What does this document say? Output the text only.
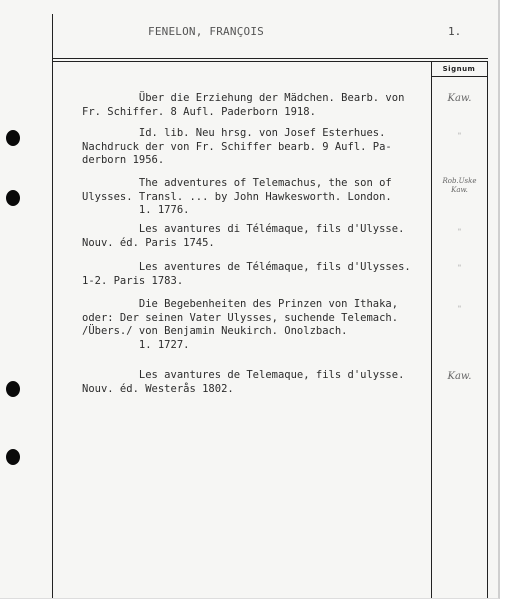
FENELON, FRANÇOIS	1.
Signum
Über die Erziehung der Mädchen. Bearb. von
Fr. Schiffer. 8 Aufl. Paderborn 1918.
Kaw.
Id. lib. Neu hrsg. von Josef Esterhues.
Nachdruck der von Fr. Schiffer bearb. 9 Aufl. Pa-
derborn 1956.
"
The adventures of Telemachus, the son of
Ulysses. Transl. ... by John Hawkesworth. London.
1. 1776.
Rob.Uske
Kaw.
Les avantures di Télémaque, fils d'Ulysse.
Nouv. éd. Paris 1745.
"
Les aventures de Télémaque, fils d'Ulysses.
1-2. Paris 1783.
"
Die Begebenheiten des Prinzen von Ithaka,
oder: Der seinen Vater Ulysses, suchende Telemach.
/Übers./ von Benjamin Neukirch. Onolzbach.
1. 1727.
"
Les avantures de Telemaque, fils d'ulysse.
Nouv. éd. Westerås 1802.
Kaw.
